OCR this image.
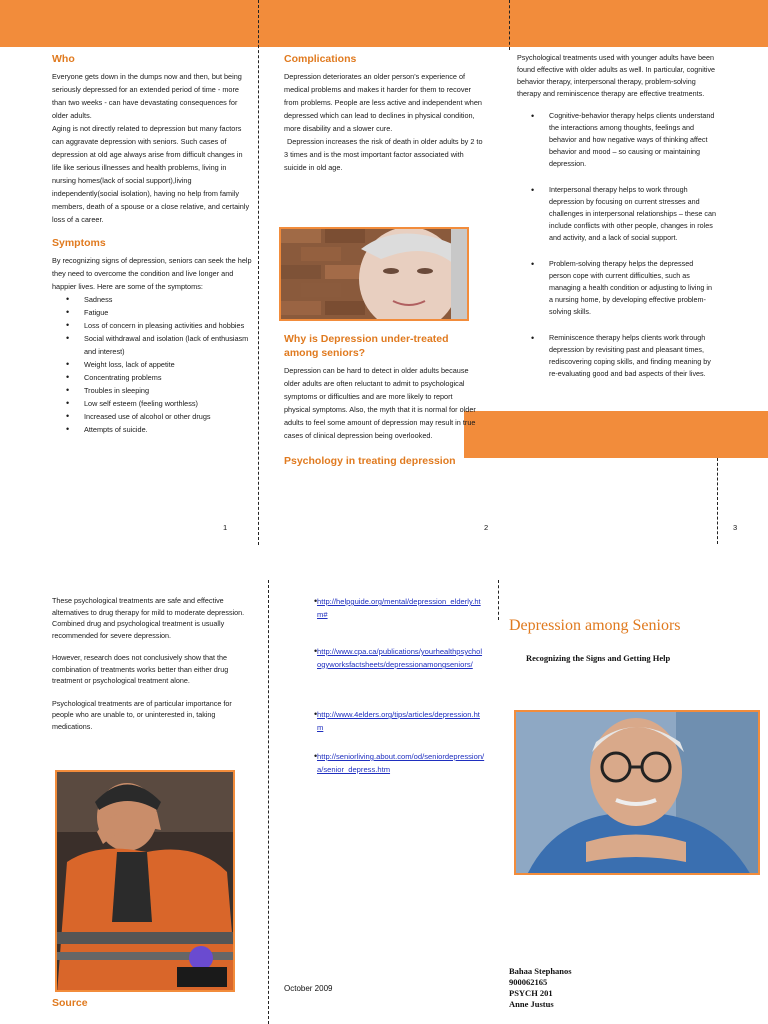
Who
Everyone gets down in the dumps now and then, but being seriously depressed for an extended period of time - more than two weeks - can have devastating consequences for older adults.
Aging is not directly related to depression but many factors can aggravate depression with seniors. Such cases of depression at old age always arise from difficult changes in life like serious illnesses and health problems, living in nursing homes(lack of social support),living independently(social isolation), having no help from family members, death of a spouse or a close relative, and certainly loss of a career.
Symptoms
By recognizing signs of depression, seniors can seek the help they need to overcome the condition and live longer and happier lives. Here are some of the symptoms:
• Sadness
• Fatigue
• Loss of concern in pleasing activities and hobbies
• Social withdrawal and isolation (lack of enthusiasm and interest)
• Weight loss, lack of appetite
• Concentrating problems
• Troubles in sleeping
• Low self esteem (feeling worthless)
• Increased use of alcohol or other drugs
• Attempts of suicide.
1
Complications
Depression deteriorates an older person's experience of medical problems and makes it harder for them to recover from problems. People are less active and independent when depressed which can lead to declines in physical condition, more disability and a slower cure.
Depression increases the risk of death in older adults by 2 to 3 times and is the most important factor associated with suicide in old age.
Why is Depression under-treated among seniors?
Depression can be hard to detect in older adults because older adults are often reluctant to admit to psychological symptoms or difficulties and are more likely to report physical symptoms. Also, the myth that it is normal for older adults to feel some amount of depression may result in true cases of clinical depression being overlooked.
Psychology in treating depression
2
Psychological treatments used with younger adults have been found effective with older adults as well. In particular, cognitive behavior therapy, interpersonal therapy, problem-solving therapy and reminiscence therapy are effective treatments.
• Cognitive-behavior therapy helps clients understand the interactions among thoughts, feelings and behavior and how negative ways of thinking affect behavior and mood – so causing or maintaining depression.
• Interpersonal therapy helps to work through depression by focusing on current stresses and challenges in interpersonal relationships – these can include conflicts with other people, changes in roles and activity, and a lack of social support.
• Problem-solving therapy helps the depressed person cope with current difficulties, such as managing a health condition or adjusting to living in a nursing home, by developing effective problem-solving skills.
• Reminiscence therapy helps clients work through depression by revisiting past and pleasant times, rediscovering coping skills, and finding meaning by re-evaluating good and bad aspects of their lives.
3
These psychological treatments are safe and effective alternatives to drug therapy for mild to moderate depression. Combined drug and psychological treatment is usually recommended for severe depression.
However, research does not conclusively show that the combination of treatments works better than either drug treatment or psychological treatment alone.
Psychological treatments are of particular importance for people who are unable to, or uninterested in, taking medications.
Source
• http://helpguide.org/mental/depression_elderly.htm#
• http://www.cpa.ca/publications/yourhealthpsychologyworksfactsheets/depressionamongseniors/
• http://www.4elders.org/tips/articles/depression.htm
• http://seniorliving.about.com/od/seniordepression/a/senior_depress.htm
October 2009
Depression among Seniors
Recognizing the Signs and Getting Help
Bahaa Stephanos
900062165
PSYCH 201
Anne Justus
